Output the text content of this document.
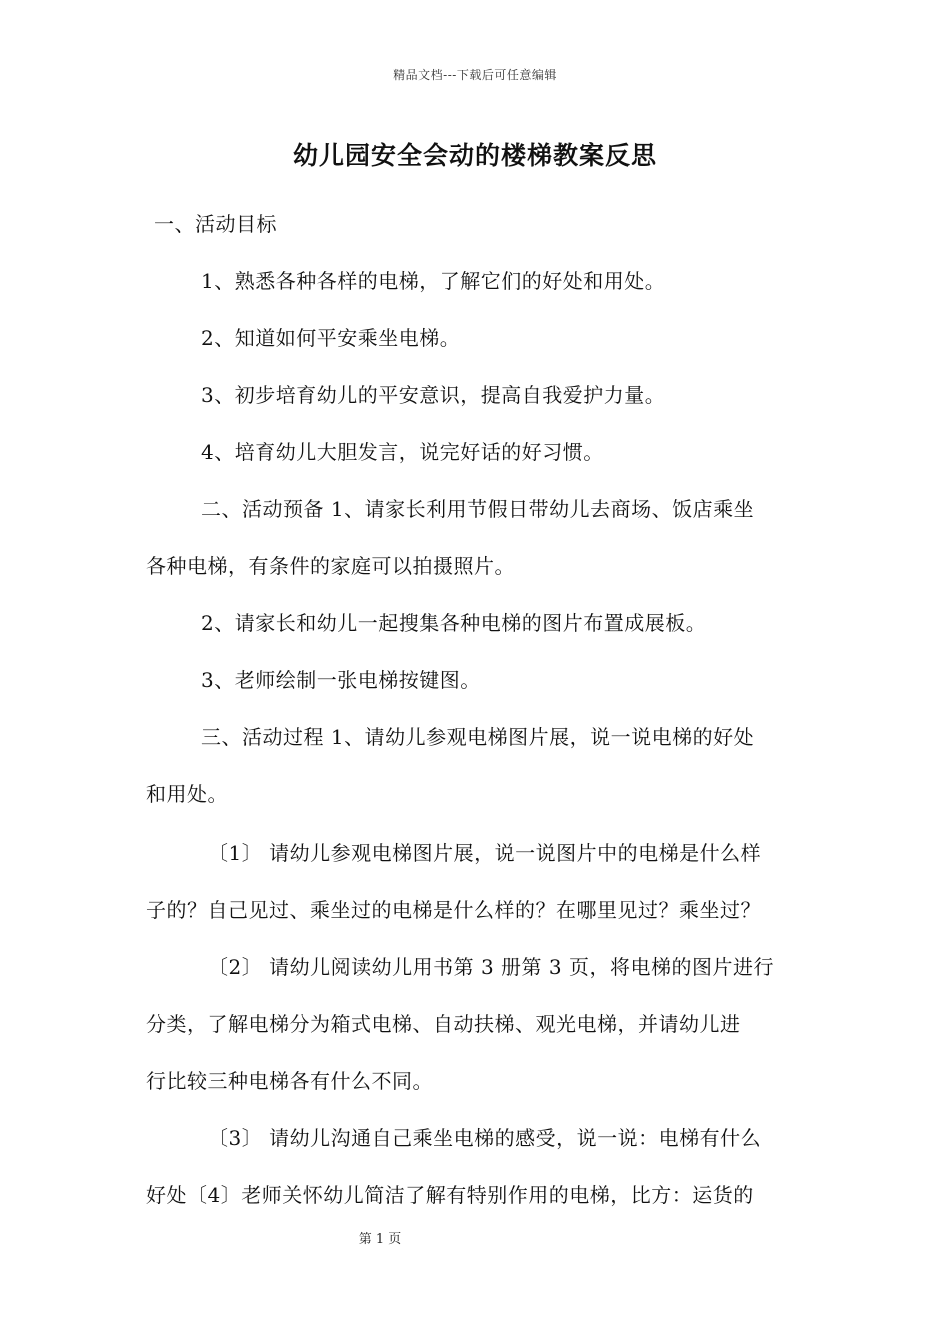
精品文档---下载后可任意编辑
幼儿园安全会动的楼梯教案反思
一、活动目标
1、熟悉各种各样的电梯，了解它们的好处和用处。
2、知道如何平安乘坐电梯。
3、初步培育幼儿的平安意识，提高自我爱护力量。
4、培育幼儿大胆发言，说完好话的好习惯。
二、活动预备 1、请家长利用节假日带幼儿去商场、饭店乘坐
各种电梯，有条件的家庭可以拍摄照片。
2、请家长和幼儿一起搜集各种电梯的图片布置成展板。
3、老师绘制一张电梯按键图。
三、活动过程 1、请幼儿参观电梯图片展，说一说电梯的好处
和用处。
〔1〕 请幼儿参观电梯图片展，说一说图片中的电梯是什么样
子的？自己见过、乘坐过的电梯是什么样的？在哪里见过？乘坐过？
〔2〕 请幼儿阅读幼儿用书第 3 册第 3 页，将电梯的图片进行
分类，了解电梯分为箱式电梯、自动扶梯、观光电梯，并请幼儿进
行比较三种电梯各有什么不同。
〔3〕 请幼儿沟通自己乘坐电梯的感受，说一说：电梯有什么
好处〔4〕老师关怀幼儿简洁了解有特别作用的电梯，比方：运货的
第 1 页
